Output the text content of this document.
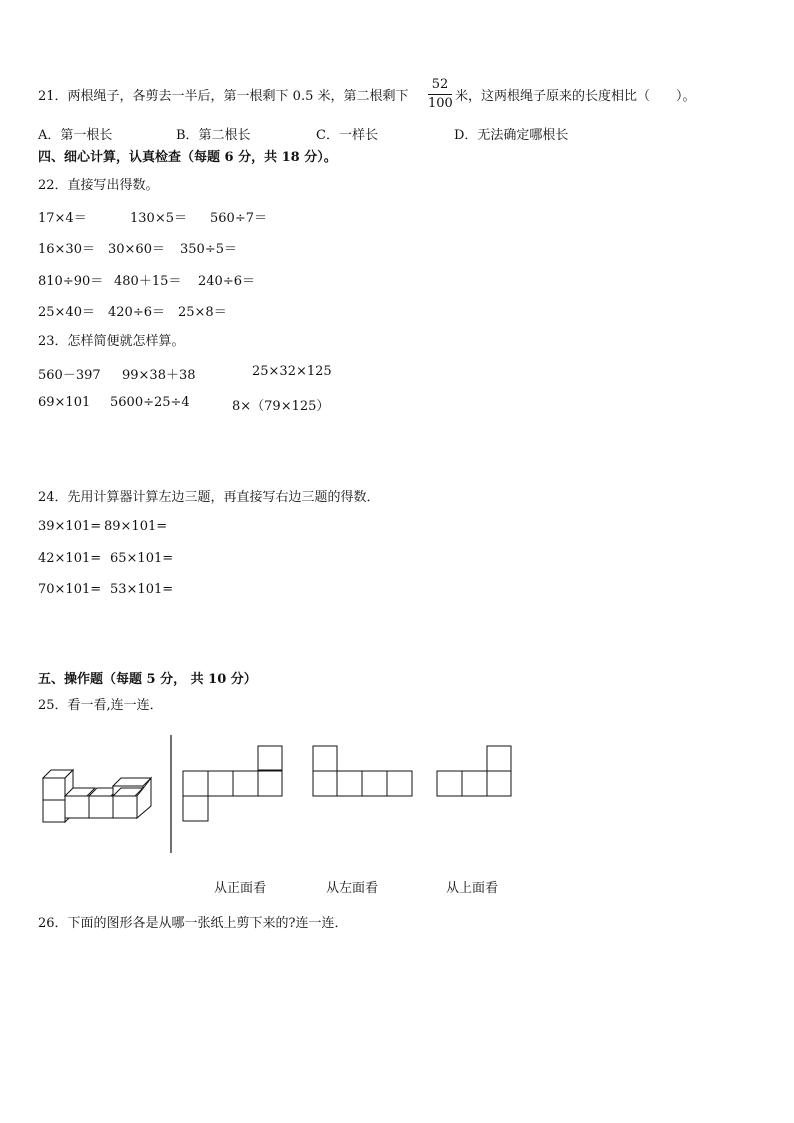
21．两根绳子，各剪去一半后，第一根剩下 0.5 米，第二根剩下
52
100 米，这两根绳子原来的长度相比（　　）。
A．第一根长	B．第二根长	C．一样长	D．无法确定哪根长
四、细心计算，认真检查（每题 6 分，共 18 分）。
22．直接写出得数。
17×4＝	130×5＝ 560÷7＝
16×30＝ 30×60＝ 350÷5＝
810÷90＝ 480＋15＝ 240÷6＝
25×40＝ 420÷6＝ 25×8＝
23．怎样简便就怎样算。
560－397 99×38＋38	25×32×125
69×101 5600÷25÷4	8×（79×125）
24．先用计算器计算左边三题，再直接写右边三题的得数．
39×101= 89×101=
42×101= 65×101=
70×101= 53×101=
五、操作题（每题 5 分， 共 10 分）
25．看一看,连一连．
从正面看	从左面看	从上面看
26．下面的图形各是从哪一张纸上剪下来的?连一连．
